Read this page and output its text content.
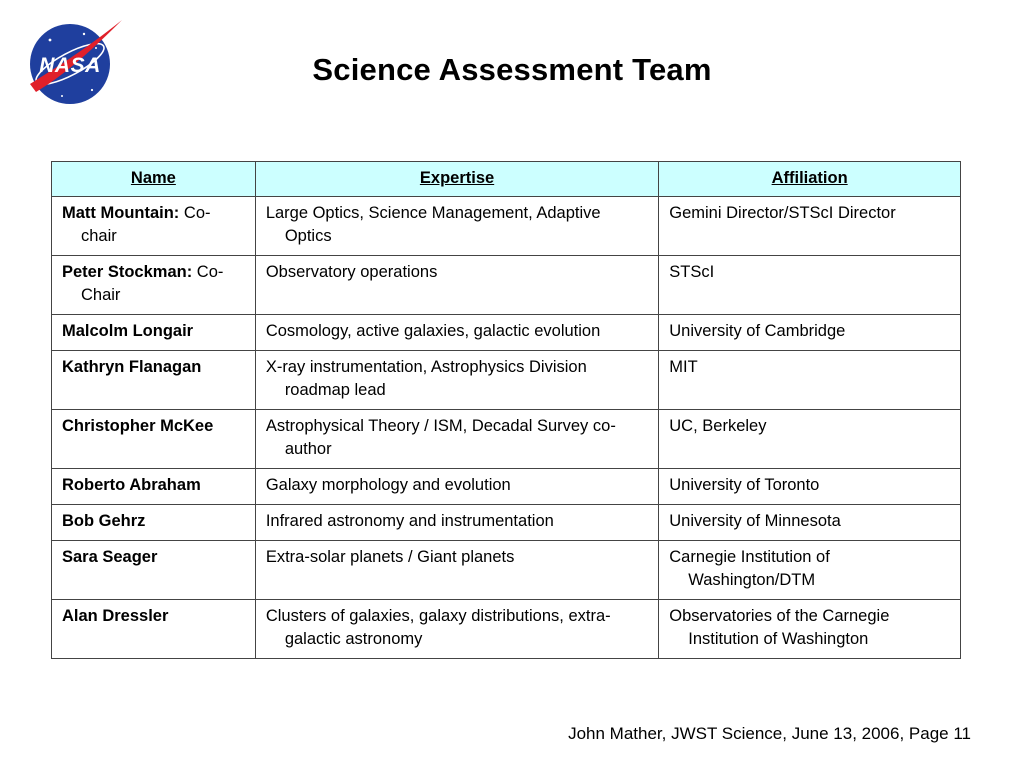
NASA	Science Assessment Team
Name	Expertise	Affiliation

Matt Mountain: Co-chair	Large Optics, Science Management, Adaptive Optics	Gemini Director/STScI Director

Peter Stockman: Co-Chair	Observatory operations	STScI

Malcolm Longair	Cosmology, active galaxies, galactic evolution	University of Cambridge

Kathryn Flanagan	X-ray instrumentation, Astrophysics Division roadmap lead	MIT

Christopher McKee	Astrophysical Theory / ISM, Decadal Survey co-author	UC, Berkeley

Roberto Abraham	Galaxy morphology and evolution	University of Toronto

Bob Gehrz	Infrared astronomy and instrumentation	University of Minnesota

Sara Seager	Extra-solar planets / Giant planets	Carnegie Institution of Washington/DTM

Alan Dressler	Clusters of galaxies, galaxy distributions, extra-galactic astronomy	Observatories of the Carnegie Institution of Washington
John Mather, JWST Science, June 13, 2006, Page 11
